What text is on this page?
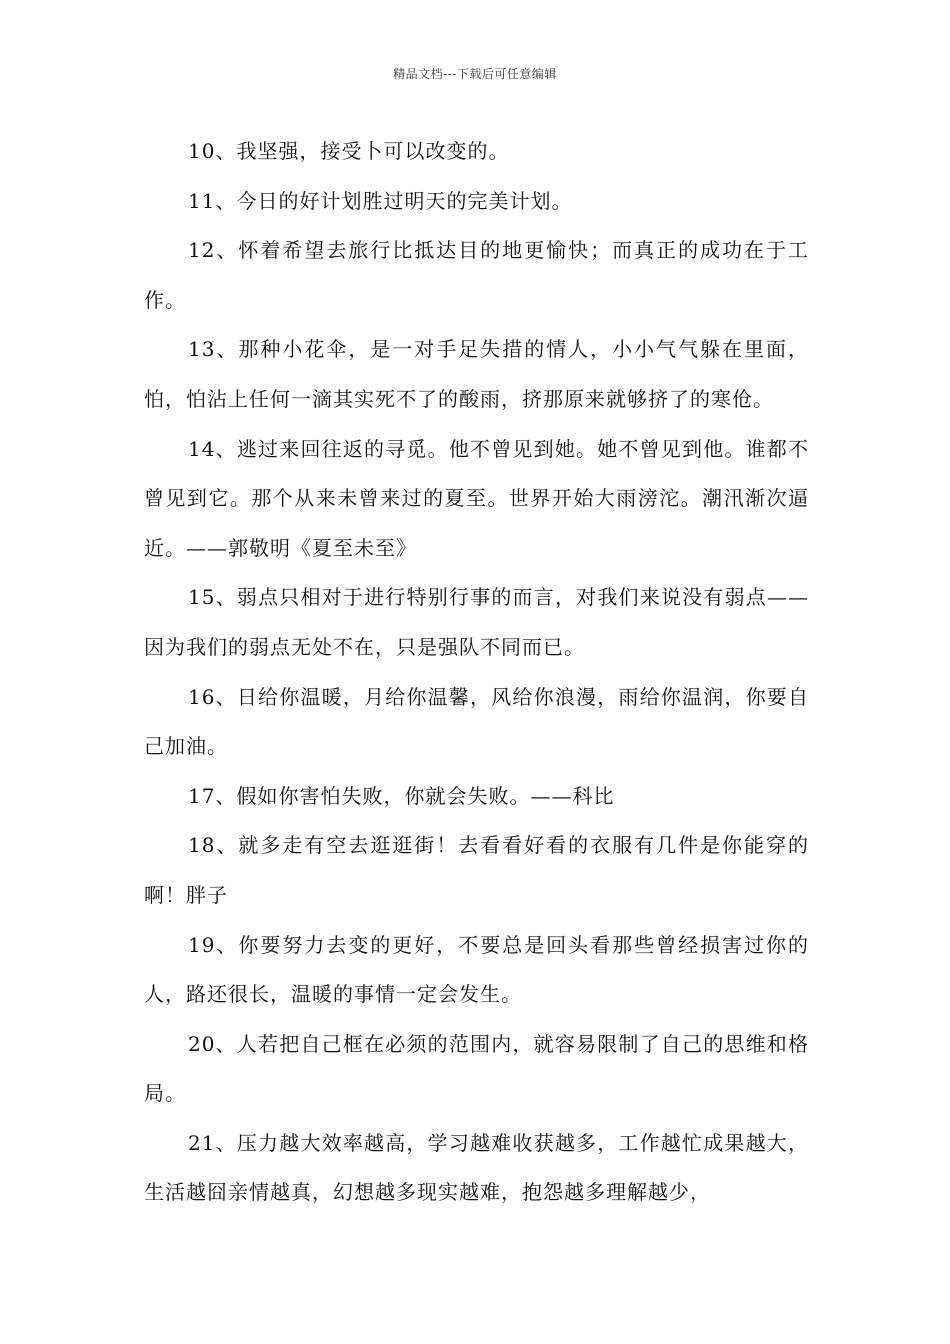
精品文档---下载后可任意编辑

10、我坚强，接受卜可以改变的。

11、今日的好计划胜过明天的完美计划。

12、怀着希望去旅行比抵达目的地更愉快；而真正的成功在于工作。

13、那种小花伞，是一对手足失措的情人，小小气气躲在里面，怕，怕沾上任何一滴其实死不了的酸雨，挤那原来就够挤了的寒伧。

14、逃过来回往返的寻觅。他不曾见到她。她不曾见到他。谁都不曾见到它。那个从来未曾来过的夏至。世界开始大雨滂沱。潮汛渐次逼近。——郭敬明《夏至未至》

15、弱点只相对于进行特别行事的而言，对我们来说没有弱点——因为我们的弱点无处不在，只是强队不同而已。

16、日给你温暖，月给你温馨，风给你浪漫，雨给你温润，你要自己加油。

17、假如你害怕失败，你就会失败。——科比

18、就多走有空去逛逛街！去看看好看的衣服有几件是你能穿的啊！胖子

19、你要努力去变的更好，不要总是回头看那些曾经损害过你的人，路还很长，温暖的事情一定会发生。

20、人若把自己框在必须的范围内，就容易限制了自己的思维和格局。

21、压力越大效率越高，学习越难收获越多，工作越忙成果越大，生活越囧亲情越真，幻想越多现实越难，抱怨越多理解越少，
